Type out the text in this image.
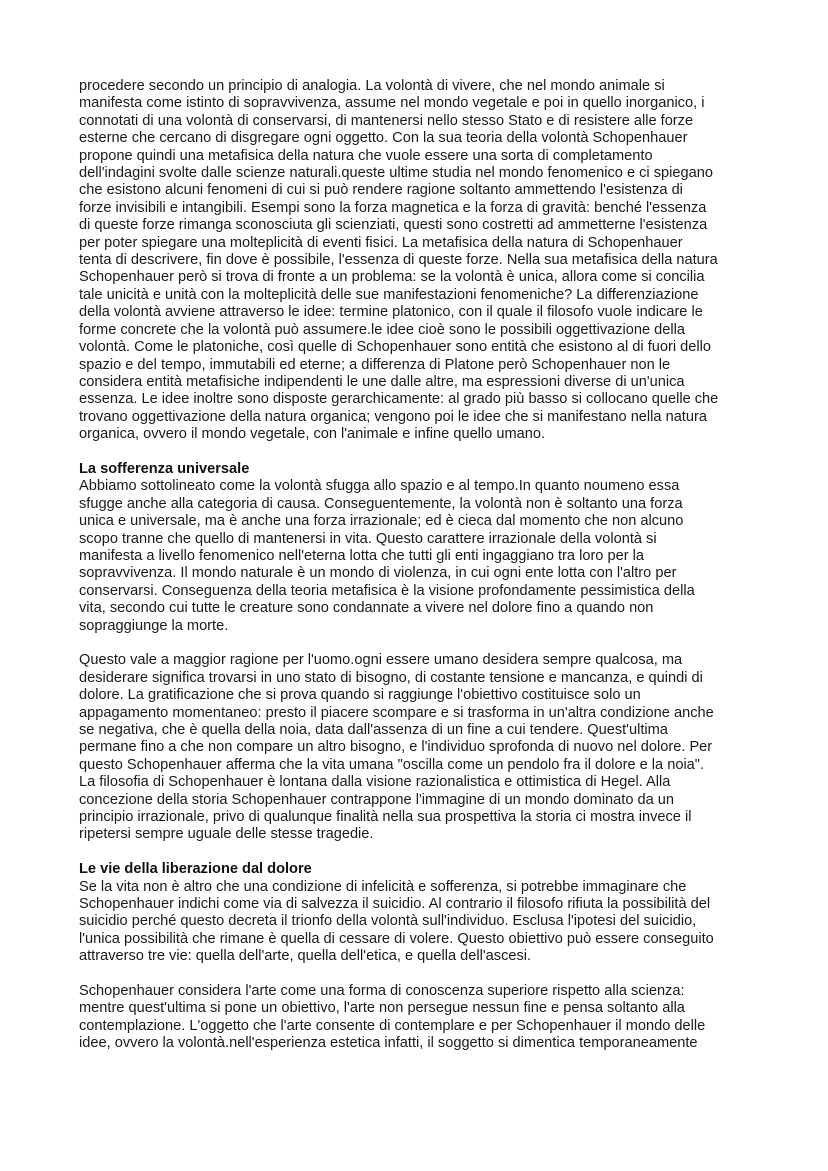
procedere secondo un principio di analogia. La volontà di vivere, che nel mondo animale si
manifesta come istinto di sopravvivenza, assume nel mondo vegetale e poi in quello inorganico, i
connotati di una volontà di conservarsi, di mantenersi nello stesso Stato e di resistere alle forze
esterne che cercano di disgregare ogni oggetto. Con la sua teoria della volontà Schopenhauer
propone quindi una metafisica della natura che vuole essere una sorta di completamento
dell'indagini svolte dalle scienze naturali.queste ultime studia nel mondo fenomenico e ci spiegano
che esistono alcuni fenomeni di cui si può rendere ragione soltanto ammettendo l'esistenza di
forze invisibili e intangibili. Esempi sono la forza magnetica e la forza di gravità: benché l'essenza
di queste forze rimanga sconosciuta gli scienziati, questi sono costretti ad ammetterne l'esistenza
per poter spiegare una molteplicità di eventi fisici. La metafisica della natura di Schopenhauer
tenta di descrivere, fin dove è possibile, l'essenza di queste forze. Nella sua metafisica della natura
Schopenhauer però si trova di fronte a un problema: se la volontà è unica, allora come si concilia
tale unicità e unità con la molteplicità delle sue manifestazioni fenomeniche? La differenziazione
della volontà avviene attraverso le idee: termine platonico, con il quale il filosofo vuole indicare le
forme concrete che la volontà può assumere.le idee cioè sono le possibili oggettivazione della
volontà. Come le platoniche, così quelle di Schopenhauer sono entità che esistono al di fuori dello
spazio e del tempo, immutabili ed eterne; a differenza di Platone però Schopenhauer non le
considera entità metafisiche indipendenti le une dalle altre, ma espressioni diverse di un'unica
essenza. Le idee inoltre sono disposte gerarchicamente: al grado più basso si collocano quelle che
trovano oggettivazione della natura organica; vengono poi le idee che si manifestano nella natura
organica, ovvero il mondo vegetale, con l'animale e infine quello umano.

La sofferenza universale

Abbiamo sottolineato come la volontà sfugga allo spazio e al tempo.In quanto noumeno essa
sfugge anche alla categoria di causa. Conseguentemente, la volontà non è soltanto una forza
unica e universale, ma è anche una forza irrazionale; ed è cieca dal momento che non alcuno
scopo tranne che quello di mantenersi in vita. Questo carattere irrazionale della volontà si
manifesta a livello fenomenico nell'eterna lotta che tutti gli enti ingaggiano tra loro per la
sopravvivenza. Il mondo naturale è un mondo di violenza, in cui ogni ente lotta con l'altro per
conservarsi. Conseguenza della teoria metafisica è la visione profondamente pessimistica della
vita, secondo cui tutte le creature sono condannate a vivere nel dolore fino a quando non
sopraggiunge la morte.

Questo vale a maggior ragione per l'uomo.ogni essere umano desidera sempre qualcosa, ma
desiderare significa trovarsi in uno stato di bisogno, di costante tensione e mancanza, e quindi di
dolore. La gratificazione che si prova quando si raggiunge l'obiettivo costituisce solo un
appagamento momentaneo: presto il piacere scompare e si trasforma in un'altra condizione anche
se negativa, che è quella della noia, data dall'assenza di un fine a cui tendere. Quest'ultima
permane fino a che non compare un altro bisogno, e l'individuo sprofonda di nuovo nel dolore. Per
questo Schopenhauer afferma che la vita umana "oscilla come un pendolo fra il dolore e la noia".
La filosofia di Schopenhauer è lontana dalla visione razionalistica e ottimistica di Hegel. Alla
concezione della storia Schopenhauer contrappone l'immagine di un mondo dominato da un
principio irrazionale, privo di qualunque finalità nella sua prospettiva la storia ci mostra invece il
ripetersi sempre uguale delle stesse tragedie.

Le vie della liberazione dal dolore

Se la vita non è altro che una condizione di infelicità e sofferenza, si potrebbe immaginare che
Schopenhauer indichi come via di salvezza il suicidio. Al contrario il filosofo rifiuta la possibilità del
suicidio perché questo decreta il trionfo della volontà sull'individuo. Esclusa l'ipotesi del suicidio,
l'unica possibilità che rimane è quella di cessare di volere. Questo obiettivo può essere conseguito
attraverso tre vie: quella dell'arte, quella dell'etica, e quella dell'ascesi.

Schopenhauer considera l'arte come una forma di conoscenza superiore rispetto alla scienza:
mentre quest'ultima si pone un obiettivo, l'arte non persegue nessun fine e pensa soltanto alla
contemplazione. L'oggetto che l'arte consente di contemplare e per Schopenhauer il mondo delle
idee, ovvero la volontà.nell'esperienza estetica infatti, il soggetto si dimentica temporaneamente
